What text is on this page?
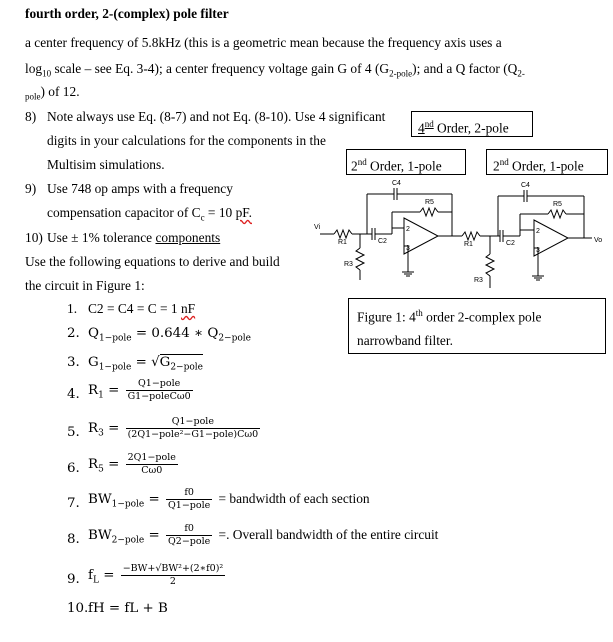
fourth order, 2-(complex) pole filter
a center frequency of 5.8kHz (this is a geometric mean because the frequency axis uses a
$\log_{10}$ scale – see Eq. 3-4); a center frequency voltage gain G of 4 $(G_{2-pole})$; and a Q factor ($Q_{2-}$
$_{pole}$) of 12.
8) Note always use Eq. (8-7) and not Eq. (8-10). Use 4 significant
digits in your calculations for the components in the
Multisim simulations.
9) Use 748 op amps with a frequency
compensation capacitor of $C_c = 10$ pF.
10) Use ± 1% tolerance components
Use the following equations to derive and build
the circuit in Figure 1:
4nd Order, 2-pole
2nd Order, 1-pole	2nd Order, 1-pole
Vi
R1
R3
C2
C4
R5
2
3
R1
R3
C2
C4
R5
2
3
Vo
Figure 1: 4th order 2-complex pole
narrowband filter.
1. C2 = C4 = C = 1 nF
2. $Q_{1-pole} = 0.644$ ∗ $Q_{2-pole}$
3. $G_{1-pole} = √G_{2-pole}$
4. $R_1 = \frac{\text{Q1−pole}}{\text{G1−poleCω0}}$
5. $R_3 = \frac{\text{Q1−pole}}{\text{(2Q1−pole²−G1−pole)Cω0}}$
6. $R_5 = \frac{\text{2Q1−pole}}{C\omega 0}$
7. $BW_{1-pole} = \frac{f0}{\text{Q1−pole}}$ = bandwidth of each section
8. $BW_{2-pole} = \frac{f0}{\text{Q2−pole}}$ =. Overall bandwidth of the entire circuit
9. $f_L = \frac{\text{−BW+√BW²+(2∗f0)²}}{2}$
10. fH = fL + B
